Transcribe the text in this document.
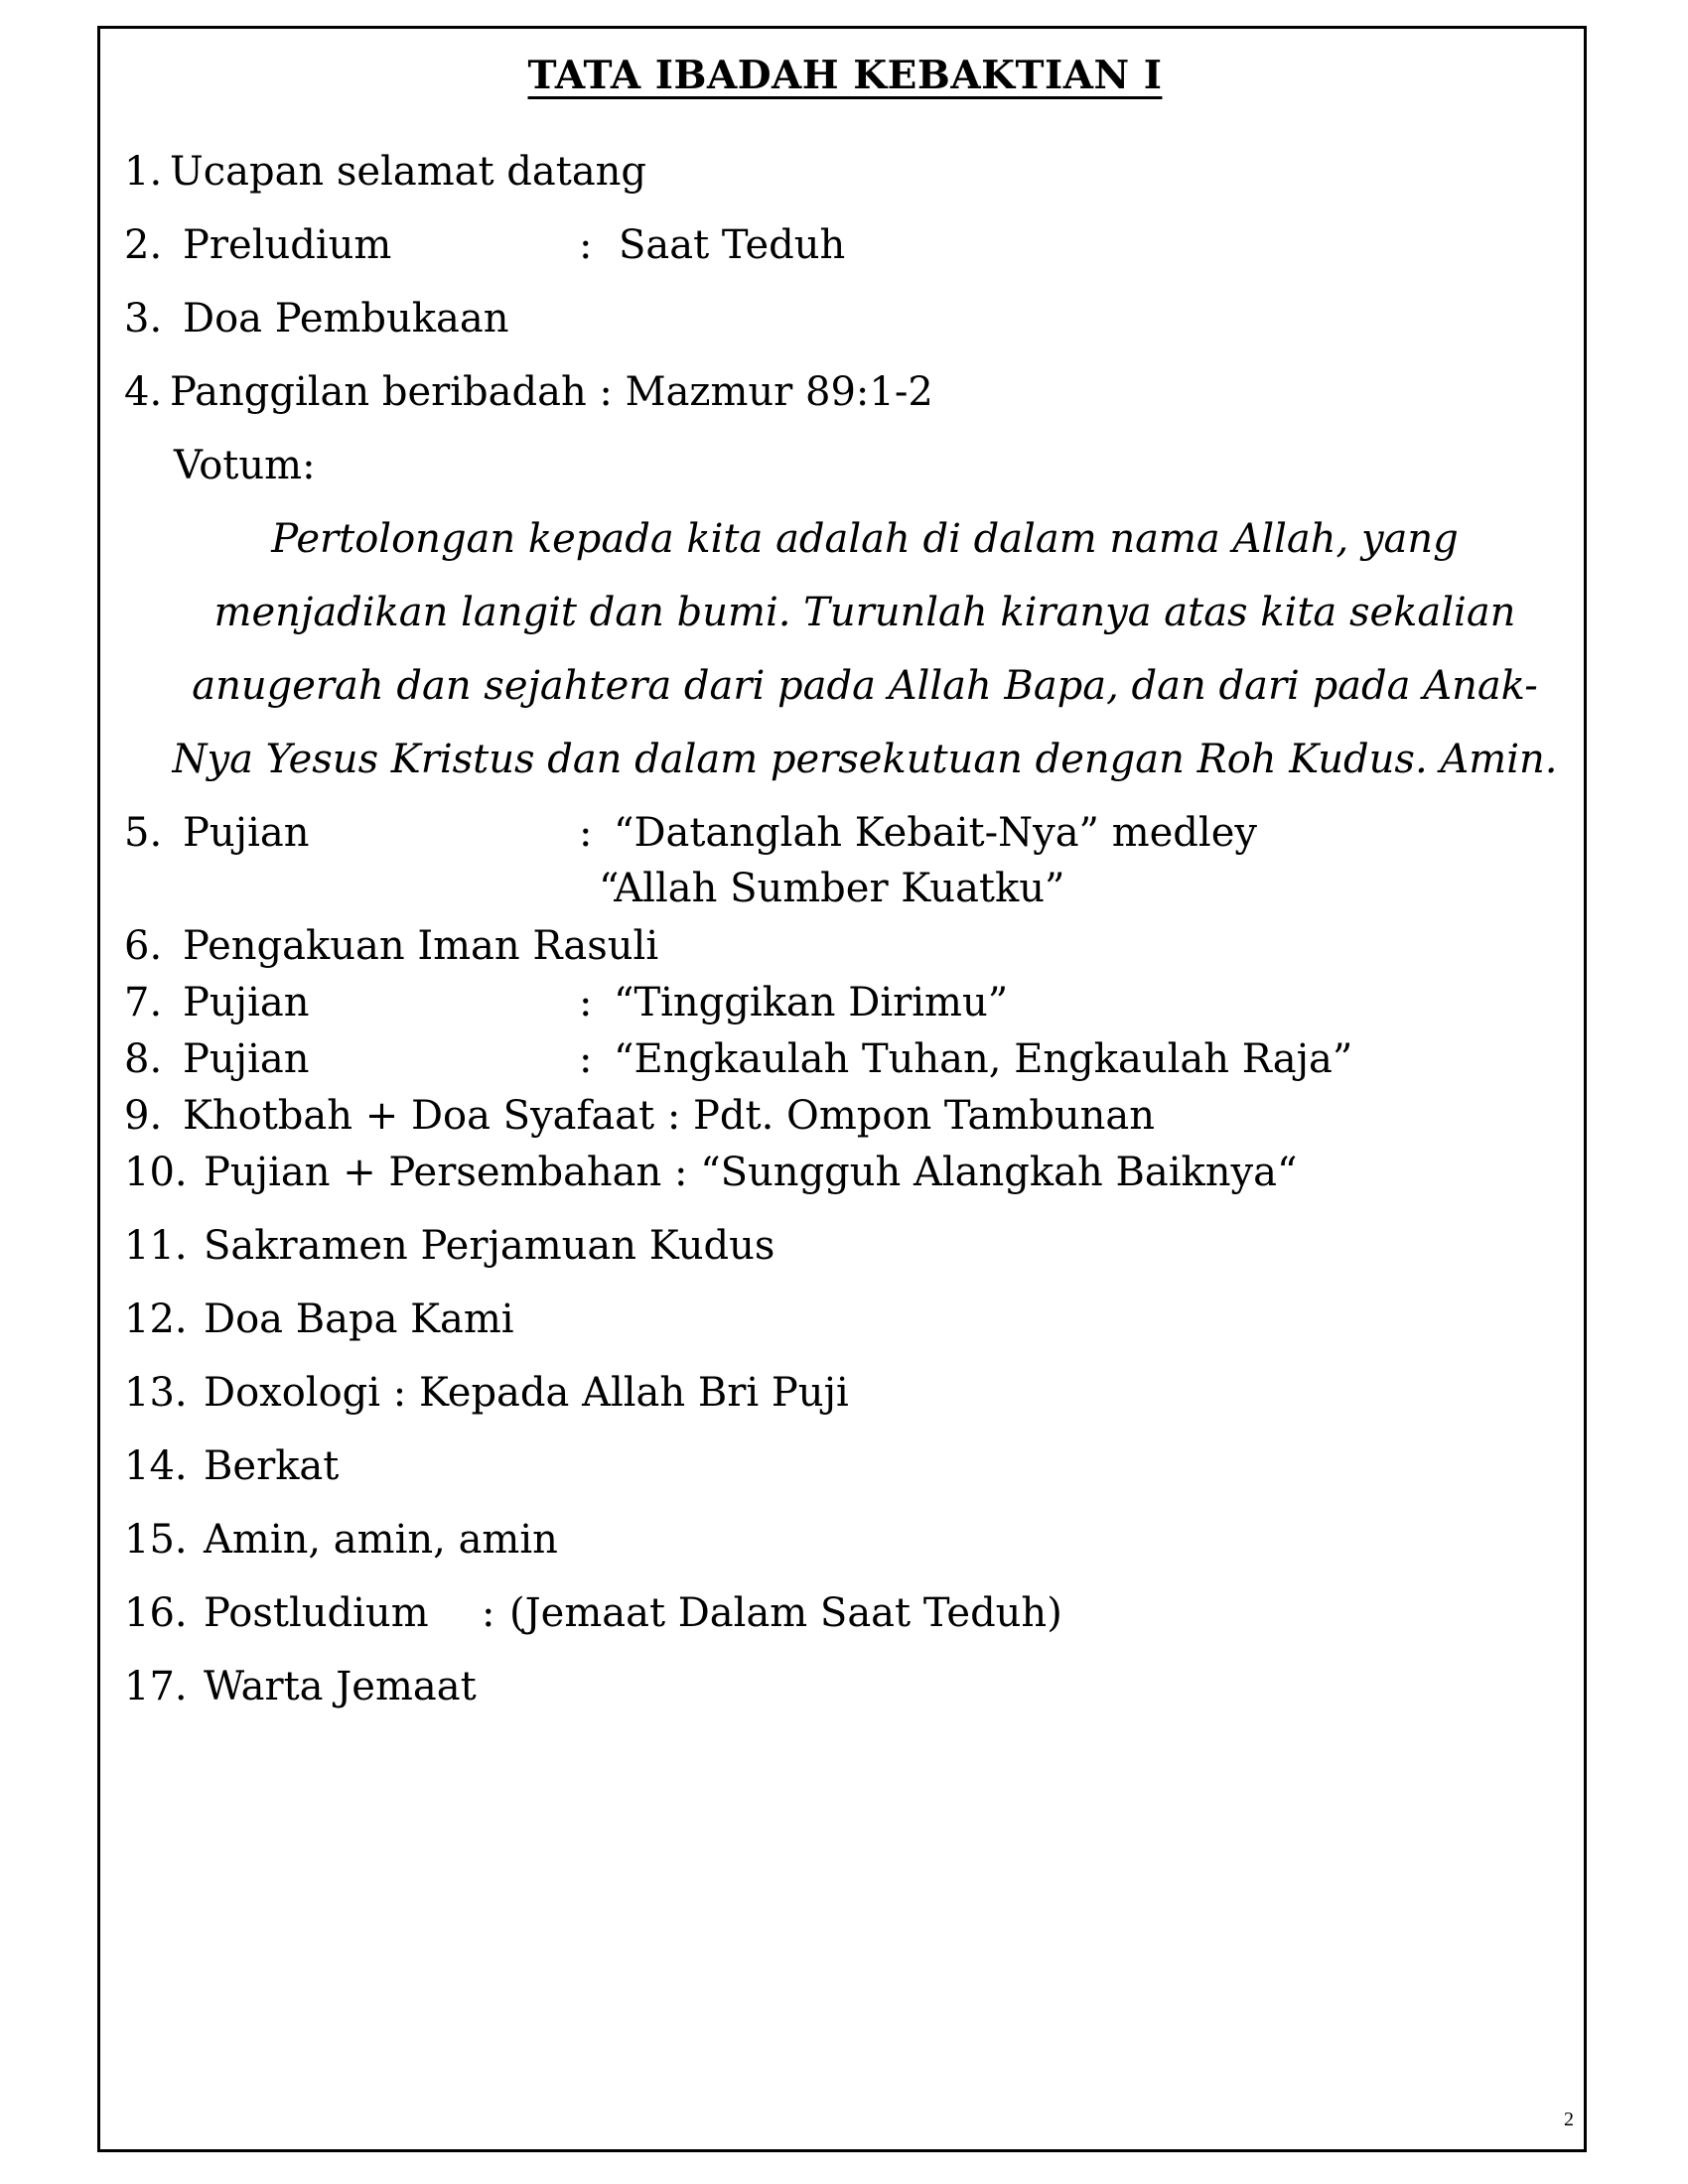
TATA IBADAH KEBAKTIAN I
1. Ucapan selamat datang
2. Preludium	: Saat Teduh
3. Doa Pembukaan
4. Panggilan beribadah : Mazmur 89:1-2
Votum:
Pertolongan kepada kita adalah di dalam nama Allah, yang
menjadikan langit dan bumi. Turunlah kiranya atas kita sekalian
anugerah dan sejahtera dari pada Allah Bapa, dan dari pada Anak-
Nya Yesus Kristus dan dalam persekutuan dengan Roh Kudus. Amin.
5. Pujian	: “Datanglah Kebait-Nya” medley
“Allah Sumber Kuatku”
6. Pengakuan Iman Rasuli
7. Pujian	: “Tinggikan Dirimu”
8. Pujian	: “Engkaulah Tuhan, Engkaulah Raja”
9. Khotbah + Doa Syafaat : Pdt. Ompon Tambunan
10. Pujian + Persembahan : “Sungguh Alangkah Baiknya“
11. Sakramen Perjamuan Kudus
12. Doa Bapa Kami
13. Doxologi : Kepada Allah Bri Puji
14. Berkat
15. Amin, amin, amin
16. Postludium : (Jemaat Dalam Saat Teduh)
17. Warta Jemaat
2
